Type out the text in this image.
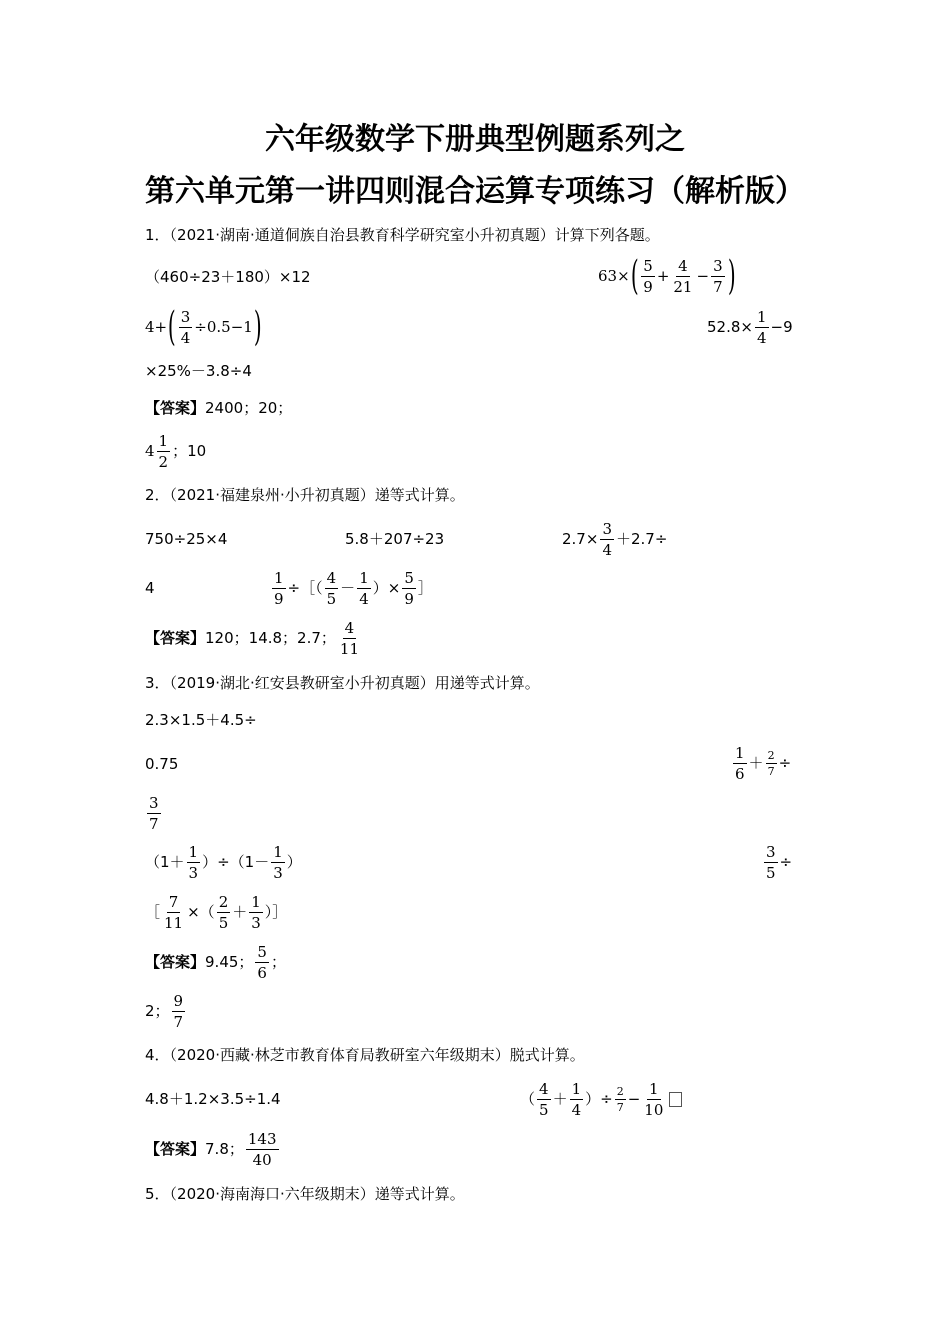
六年级数学下册典型例题系列之
第六单元第一讲四则混合运算专项练习（解析版）
1．（2021·湖南·通道侗族自治县教育科学研究室小升初真题）计算下列各题。
（460÷23＋180）×12	63× ( $\frac{5}{9} + \frac{4}{21} - \frac{3}{7}$ )
4+ ( $\frac{3}{4} \div 0.5-1$ )	$52.8\times \frac{1}{4} -9$
×25%－3.8÷4
【答案】2400；20；
$4 \frac{1}{2}$ ；10
2．（2021·福建泉州·小升初真题）递等式计算。
750÷25×4	5.8＋207÷23	$2.7\times \frac{3}{4} +2.7\div$
4	$\frac{1}{9}$ ÷［（ $\frac{4}{5} - \frac{1}{4}$ ）× $\frac{5}{9}$ ］
【答案】 120；14.8；2.7； $\frac{4}{11}$
3．（2019·湖北·红安县教研室小升初真题）用递等式计算。
2.3×1.5＋4.5÷
0.75	$\frac{1}{6} + \frac{2}{7}$ ÷
$\frac{3}{7}$
$(1+ \frac{1}{3} )\div(1- \frac{1}{3}$ ）	$\frac{3}{5}$ ÷
［ $\frac{7}{11}$ ×（ $\frac{2}{5} + \frac{1}{3}$ ）］
【答案】 9.45； $\frac{5}{6}$ ；
2； $\frac{9}{7}$
4．（2020·西藏·林芝市教育体育局教研室六年级期末）脱式计算。
4.8＋1.2×3.5÷1.4	（ $\frac{4}{5} + \frac{1}{4}$ ）÷ $\frac{2}{7} - \frac{1}{10}$
【答案】 7.8； $\frac{143}{40}$
5．（2020·海南海口·六年级期末）递等式计算。
